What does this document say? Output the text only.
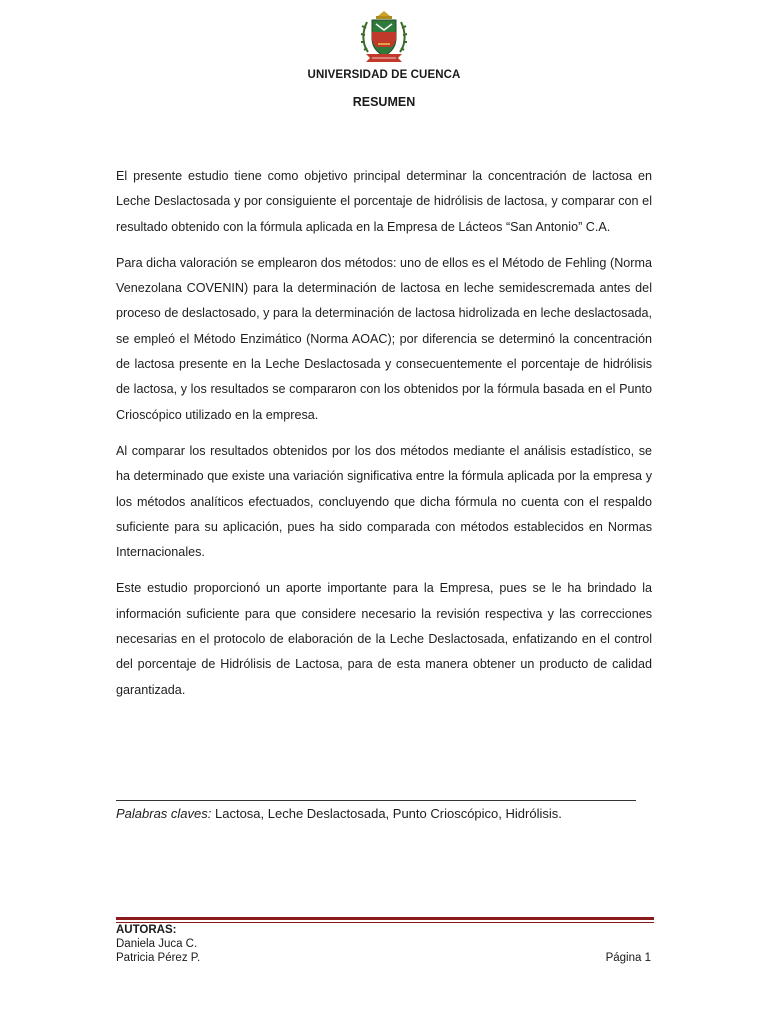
UNIVERSIDAD DE CUENCA
RESUMEN

El presente estudio tiene como objetivo principal determinar la concentración de lactosa en Leche Deslactosada y por consiguiente el porcentaje de hidrólisis de lactosa, y comparar con el resultado obtenido con la fórmula aplicada en la Empresa de Lácteos “San Antonio” C.A.

Para dicha valoración se emplearon dos métodos: uno de ellos es el Método de Fehling (Norma Venezolana COVENIN) para la determinación de lactosa en leche semidescremada antes del proceso de deslactosado, y para la determinación de lactosa hidrolizada en leche deslactosada, se empleó el Método Enzimático (Norma AOAC); por diferencia se determinó la concentración de lactosa presente en la Leche Deslactosada y consecuentemente el porcentaje de hidrólisis de lactosa, y los resultados se compararon con los obtenidos por la fórmula basada en el Punto Crioscópico utilizado en la empresa.

Al comparar los resultados obtenidos por los dos métodos mediante el análisis estadístico, se ha determinado que existe una variación significativa entre la fórmula aplicada por la empresa y los métodos analíticos efectuados, concluyendo que dicha fórmula no cuenta con el respaldo suficiente para su aplicación, pues ha sido comparada con métodos establecidos en Normas Internacionales.

Este estudio proporcionó un aporte importante para la Empresa, pues se le ha brindado la información suficiente para que considere necesario la revisión respectiva y las correcciones necesarias en el protocolo de elaboración de la Leche Deslactosada, enfatizando en el control del porcentaje de Hidrólisis de Lactosa, para de esta manera obtener un producto de calidad garantizada.

Palabras claves: Lactosa, Leche Deslactosada, Punto Crioscópico, Hidrólisis.
AUTORAS:
Daniela Juca C.
Patricia Pérez P.	Página 1
